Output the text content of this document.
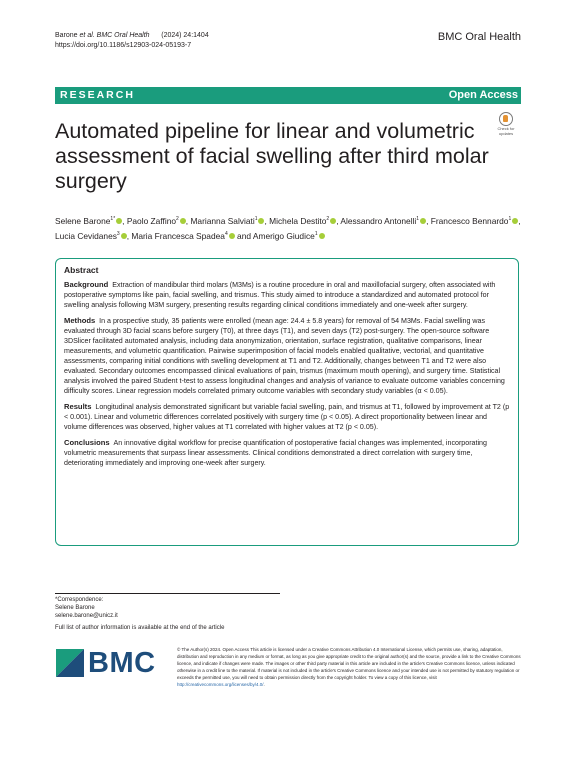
Barone et al. BMC Oral Health (2024) 24:1404
https://doi.org/10.1186/s12903-024-05193-7
BMC Oral Health
RESEARCH	Open Access
Check for
updates
Automated pipeline for linear and volumetric assessment of facial swelling after third molar surgery
Selene Barone$^{1*}$ , Paolo Zaffino$^2$ , Marianna Salviati$^1$ , Michela Destito$^2$ , Alessandro Antonelli$^1$ , Francesco Bennardo$^1$ , Lucia Cevidanes$^3$ , Maria Francesca Spadea$^4$ and Amerigo Giudice$^1$
Abstract

Background Extraction of mandibular third molars (M3Ms) is a routine procedure in oral and maxillofacial surgery, often associated with postoperative symptoms like pain, facial swelling, and trismus. This study aimed to introduce a standardized and automated protocol for swelling analysis following M3M surgery, presenting results regarding clinical conditions immediately and one-week after surgery.

Methods In a prospective study, 35 patients were enrolled (mean age: 24.4 ± 5.8 years) for removal of 54 M3Ms. Facial swelling was evaluated through 3D facial scans before surgery (T0), at three days (T1), and seven days (T2) post-surgery. The open-source software 3DSlicer facilitated automated analysis, including data anonymization, orientation, surface registration, qualitative comparisons, linear measurements, and volumetric quantification. Pairwise superimposition of facial models enabled qualitative, vectorial, and quantitative assessments, comparing initial conditions with swelling development at T1 and T2. Additionally, changes between T1 and T2 were also evaluated. Secondary outcomes encompassed clinical evaluations of pain, trismus (maximum mouth opening), and surgery time. Statistical analysis involved the paired Student t-test to assess longitudinal changes and analysis of variance to evaluate outcome variables concerning difficulty scores. Linear regression models correlated primary outcome variables with secondary study variables (α < 0.05).

Results Longitudinal analysis demonstrated significant but variable facial swelling, pain, and trismus at T1, followed by improvement at T2 (p < 0.001). Linear and volumetric differences correlated positively with surgery time (p < 0.05). A direct proportionality between linear and volume differences was observed, higher values at T1 correlated with higher values at T2 (p < 0.05).

Conclusions An innovative digital workflow for precise quantification of postoperative facial changes was implemented, incorporating volumetric measurements that surpass linear assessments. Clinical conditions demonstrated a direct correlation with surgery time, deteriorating immediately and improving one-week after surgery.

*Correspondence:
Selene Barone
selene.barone@unicz.it
Full list of author information is available at the end of the article
BMC	© The Author(s) 2024. Open Access This article is licensed under a Creative Commons Attribution 4.0 International License, which permits use, sharing, adaptation, distribution and reproduction in any medium or format, as long as you give appropriate credit to the original author(s) and the source, provide a link to the Creative Commons licence, and indicate if changes were made. The images or other third party material in this article are included in the article's Creative Commons licence, unless indicated otherwise in a credit line to the material. If material is not included in the article's Creative Commons licence and your intended use is not permitted by statutory regulation or exceeds the permitted use, you will need to obtain permission directly from the copyright holder. To view a copy of this licence, visit http://creativecommons.org/licenses/by/4.0/.
